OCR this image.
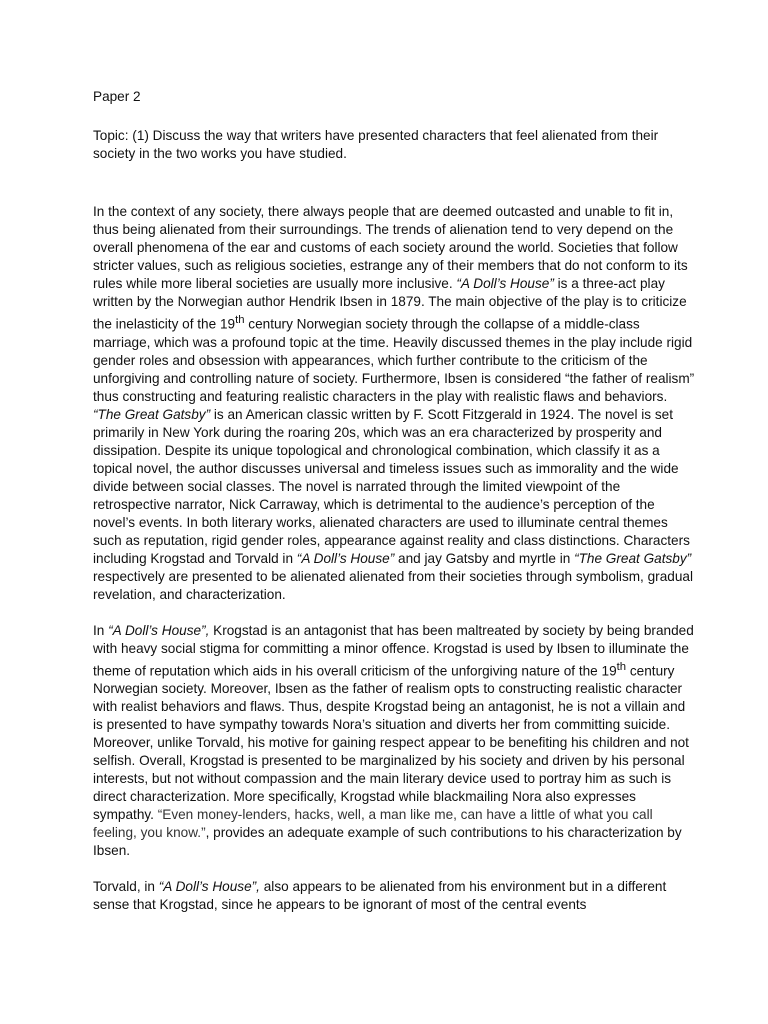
Paper 2

Topic: (1) Discuss the way that writers have presented characters that feel alienated from their society in the two works you have studied.

In the context of any society, there always people that are deemed outcasted and unable to fit in, thus being alienated from their surroundings. The trends of alienation tend to very depend on the overall phenomena of the ear and customs of each society around the world. Societies that follow stricter values, such as religious societies, estrange any of their members that do not conform to its rules while more liberal societies are usually more inclusive. “A Doll’s House” is a three-act play written by the Norwegian author Hendrik Ibsen in 1879. The main objective of the play is to criticize the inelasticity of the 19th century Norwegian society through the collapse of a middle-class marriage, which was a profound topic at the time. Heavily discussed themes in the play include rigid gender roles and obsession with appearances, which further contribute to the criticism of the unforgiving and controlling nature of society. Furthermore, Ibsen is considered “the father of realism” thus constructing and featuring realistic characters in the play with realistic flaws and behaviors. “The Great Gatsby” is an American classic written by F. Scott Fitzgerald in 1924. The novel is set primarily in New York during the roaring 20s, which was an era characterized by prosperity and dissipation. Despite its unique topological and chronological combination, which classify it as a topical novel, the author discusses universal and timeless issues such as immorality and the wide divide between social classes. The novel is narrated through the limited viewpoint of the retrospective narrator, Nick Carraway, which is detrimental to the audience’s perception of the novel’s events. In both literary works, alienated characters are used to illuminate central themes such as reputation, rigid gender roles, appearance against reality and class distinctions. Characters including Krogstad and Torvald in “A Doll’s House” and jay Gatsby and myrtle in “The Great Gatsby” respectively are presented to be alienated alienated from their societies through symbolism, gradual revelation, and characterization.

In “A Doll’s House”, Krogstad is an antagonist that has been maltreated by society by being branded with heavy social stigma for committing a minor offence. Krogstad is used by Ibsen to illuminate the theme of reputation which aids in his overall criticism of the unforgiving nature of the 19th century Norwegian society. Moreover, Ibsen as the father of realism opts to constructing realistic character with realist behaviors and flaws. Thus, despite Krogstad being an antagonist, he is not a villain and is presented to have sympathy towards Nora’s situation and diverts her from committing suicide. Moreover, unlike Torvald, his motive for gaining respect appear to be benefiting his children and not selfish. Overall, Krogstad is presented to be marginalized by his society and driven by his personal interests, but not without compassion and the main literary device used to portray him as such is direct characterization. More specifically, Krogstad while blackmailing Nora also expresses sympathy. “Even money-lenders, hacks, well, a man like me, can have a little of what you call feeling, you know.”, provides an adequate example of such contributions to his characterization by Ibsen.

Torvald, in “A Doll’s House”, also appears to be alienated from his environment but in a different sense that Krogstad, since he appears to be ignorant of most of the central events
